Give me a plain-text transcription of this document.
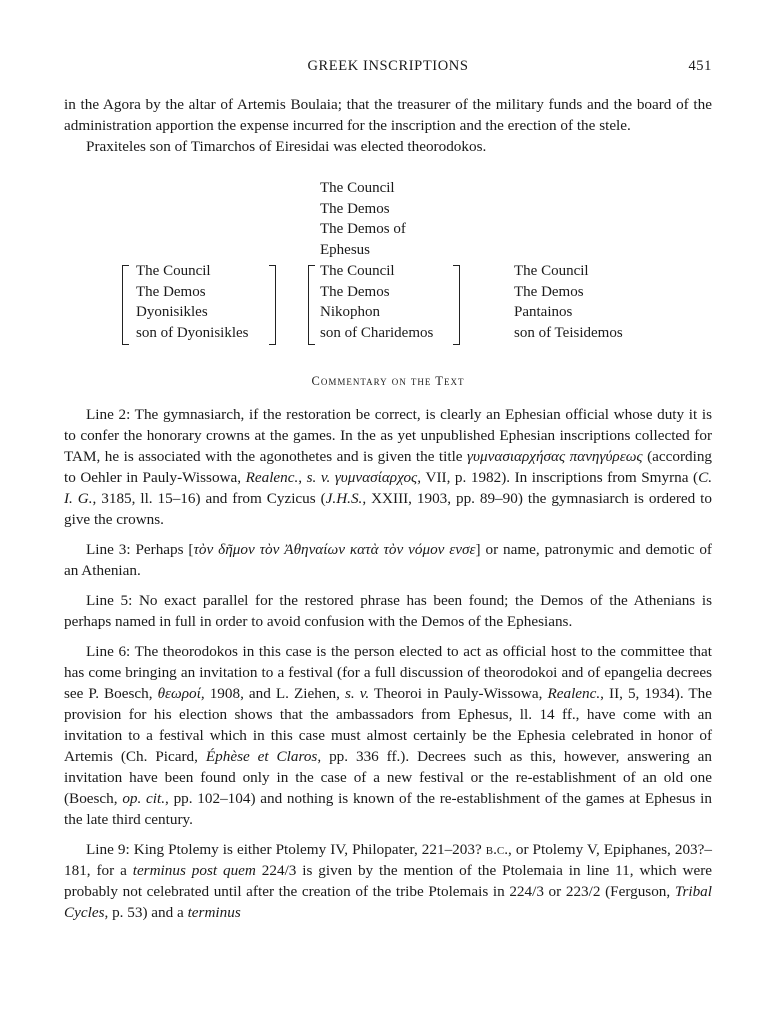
GREEK INSCRIPTIONS	451

in the Agora by the altar of Artemis Boulaia; that the treasurer of the military funds and the board of the administration apportion the expense incurred for the inscription and the erection of the stele.

Praxiteles son of Timarchos of Eiresidai was elected theorodokos.

The Council
The Demos
The Demos of
Ephesus
The Council
The Demos
Dyonisikles
son of Dyonisikles
The Council
The Demos
Nikophon
son of Charidemos
The Council
The Demos
Pantainos
son of Teisidemos
Commentary on the Text

Line 2: The gymnasiarch, if the restoration be correct, is clearly an Ephesian official whose duty it is to confer the honorary crowns at the games. In the as yet unpublished Ephesian inscriptions collected for TAM, he is associated with the agonothetes and is given the title γυμνασιαρχήσας πανηγύρεως (according to Oehler in Pauly-Wissowa, Realenc., s. v. γυμνασίαρχος, VII, p. 1982). In inscriptions from Smyrna (C. I. G., 3185, ll. 15–16) and from Cyzicus (J.H.S., XXIII, 1903, pp. 89–90) the gymnasiarch is ordered to give the crowns.

Line 3: Perhaps [τὸν δῆμον τὸν Ἀθηναίων κατὰ τὸν νόμον ενσε] or name, patronymic and demotic of an Athenian.

Line 5: No exact parallel for the restored phrase has been found; the Demos of the Athenians is perhaps named in full in order to avoid confusion with the Demos of the Ephesians.

Line 6: The theorodokos in this case is the person elected to act as official host to the committee that has come bringing an invitation to a festival (for a full discussion of theorodokoi and of epangelia decrees see P. Boesch, θεωροί, 1908, and L. Ziehen, s. v. Theoroi in Pauly-Wissowa, Realenc., II, 5, 1934). The provision for his election shows that the ambassadors from Ephesus, ll. 14 ff., have come with an invitation to a festival which in this case must almost certainly be the Ephesia celebrated in honor of Artemis (Ch. Picard, Éphèse et Claros, pp. 336 ff.). Decrees such as this, however, answering an invitation have been found only in the case of a new festival or the re-establishment of an old one (Boesch, op. cit., pp. 102–104) and nothing is known of the re-establishment of the games at Ephesus in the late third century.

Line 9: King Ptolemy is either Ptolemy IV, Philopater, 221–203? b.c., or Ptolemy V, Epiphanes, 203?–181, for a terminus post quem 224/3 is given by the mention of the Ptolemaia in line 11, which were probably not celebrated until after the creation of the tribe Ptolemais in 224/3 or 223/2 (Ferguson, Tribal Cycles, p. 53) and a terminus
